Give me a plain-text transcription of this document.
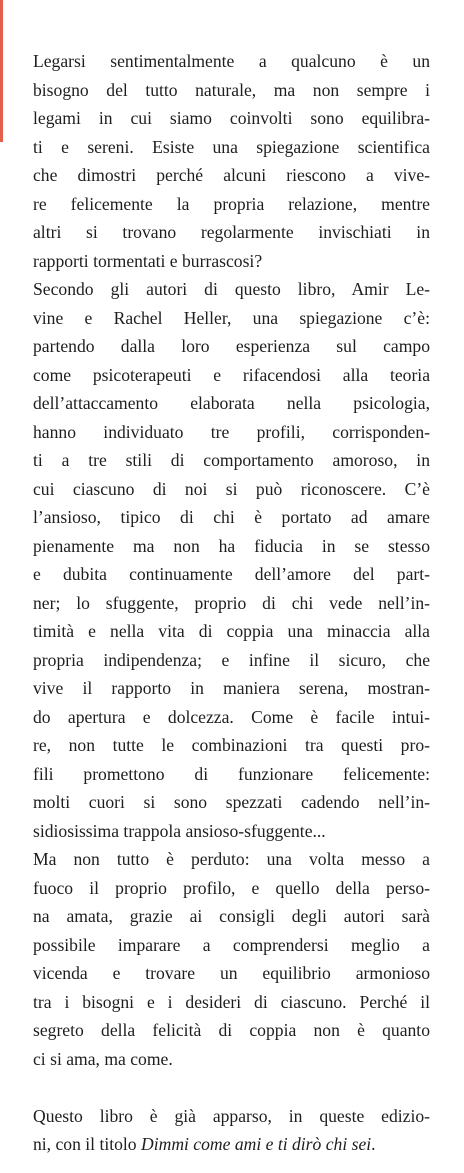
Legarsi sentimentalmente a qualcuno è un
bisogno del tutto naturale, ma non sempre i
legami in cui siamo coinvolti sono equilibra-
ti e sereni. Esiste una spiegazione scientifica
che dimostri perché alcuni riescono a vive-
re felicemente la propria relazione, mentre
altri si trovano regolarmente invischiati in
rapporti tormentati e burrascosi?
Secondo gli autori di questo libro, Amir Le-
vine e Rachel Heller, una spiegazione c’è:
partendo dalla loro esperienza sul campo
come psicoterapeuti e rifacendosi alla teoria
dell’attaccamento elaborata nella psicologia,
hanno individuato tre profili, corrisponden-
ti a tre stili di comportamento amoroso, in
cui ciascuno di noi si può riconoscere. C’è
l’ansioso, tipico di chi è portato ad amare
pienamente ma non ha fiducia in se stesso
e dubita continuamente dell’amore del part-
ner; lo sfuggente, proprio di chi vede nell’in-
timità e nella vita di coppia una minaccia alla
propria indipendenza; e infine il sicuro, che
vive il rapporto in maniera serena, mostran-
do apertura e dolcezza. Come è facile intui-
re, non tutte le combinazioni tra questi pro-
fili promettono di funzionare felicemente:
molti cuori si sono spezzati cadendo nell’in-
sidiosissima trappola ansioso-sfuggente...
Ma non tutto è perduto: una volta messo a
fuoco il proprio profilo, e quello della perso-
na amata, grazie ai consigli degli autori sarà
possibile imparare a comprendersi meglio a
vicenda e trovare un equilibrio armonioso
tra i bisogni e i desideri di ciascuno. Perché il
segreto della felicità di coppia non è quanto
ci si ama, ma come.
Questo libro è già apparso, in queste edizio-
ni, con il titolo Dimmi come ami e ti dirò chi sei.
